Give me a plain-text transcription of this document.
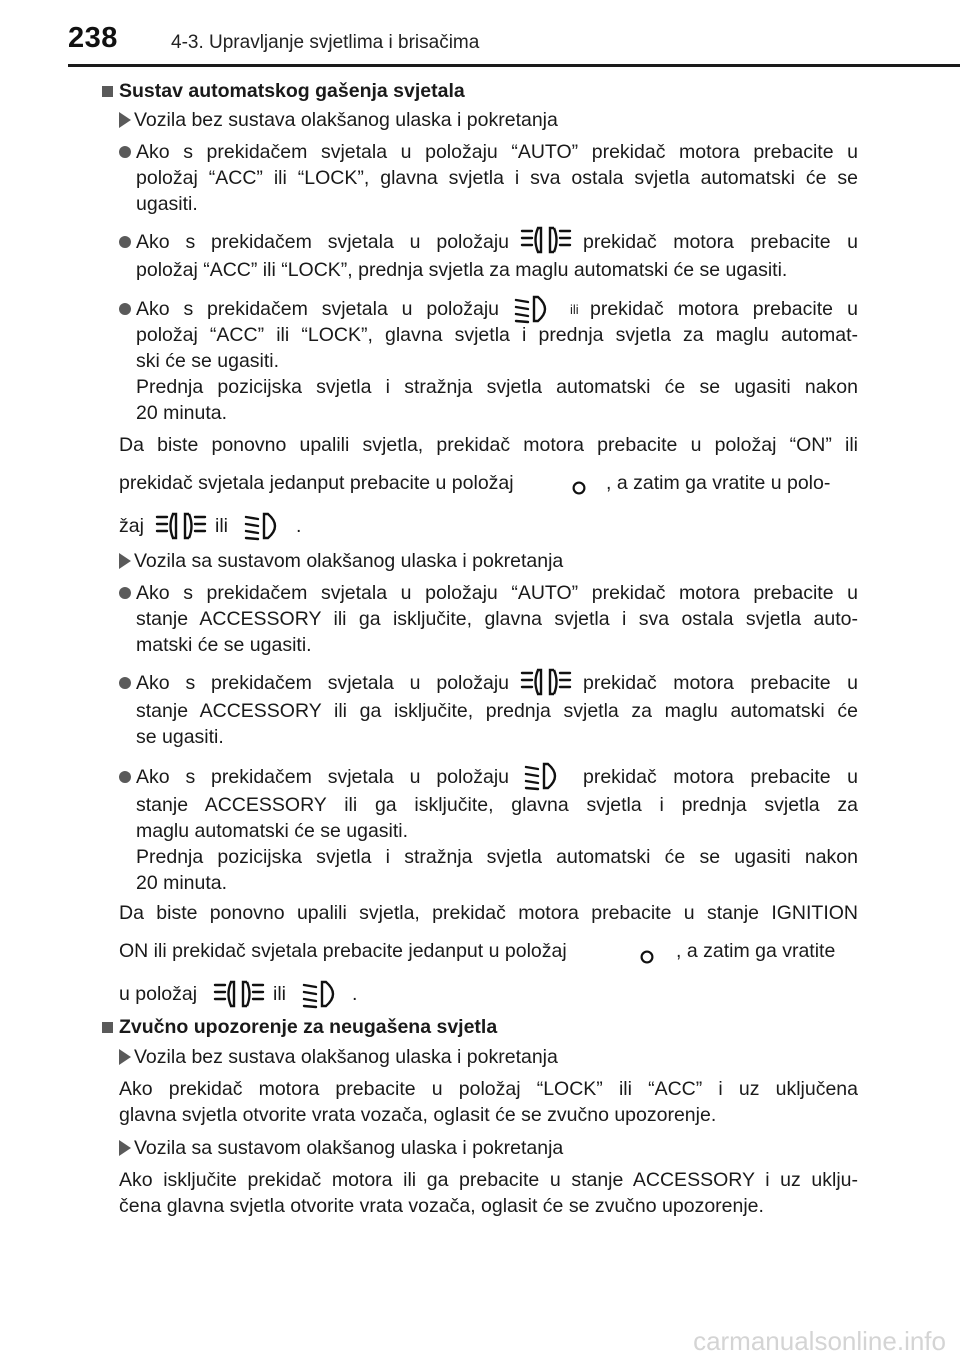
238	4-3. Upravljanje svjetlima i brisačima
Sustav automatskog gašenja svjetala
Vozila bez sustava olakšanog ulaska i pokretanja
Ako s prekidačem svjetala u položaju “AUTO” prekidač motora prebacite u
položaj “ACC” ili “LOCK”, glavna svjetla i sva ostala svjetla automatski će se
ugasiti.
Ako s prekidačem svjetala u položaju	prekidač motora prebacite u
položaj “ACC” ili “LOCK”, prednja svjetla za maglu automatski će se ugasiti.
Ako s prekidačem svjetala u položaju	ili prekidač motora prebacite u
položaj “ACC” ili “LOCK”, glavna svjetla i prednja svjetla za maglu automat-
ski će se ugasiti.
Prednja pozicijska svjetla i stražnja svjetla automatski će se ugasiti nakon
20 minuta.
Da biste ponovno upalili svjetla, prekidač motora prebacite u položaj “ON” ili
prekidač svjetala jedanput prebacite u položaj	, a zatim ga vratite u polo-
žaj	ili	.
Vozila sa sustavom olakšanog ulaska i pokretanja
Ako s prekidačem svjetala u položaju “AUTO” prekidač motora prebacite u
stanje ACCESSORY ili ga isključite, glavna svjetla i sva ostala svjetla auto-
matski će se ugasiti.
Ako s prekidačem svjetala u položaju	prekidač motora prebacite u
stanje ACCESSORY ili ga isključite, prednja svjetla za maglu automatski će
se ugasiti.
Ako s prekidačem svjetala u položaju	prekidač motora prebacite u
stanje ACCESSORY ili ga isključite, glavna svjetla i prednja svjetla za
maglu automatski će se ugasiti.
Prednja pozicijska svjetla i stražnja svjetla automatski će se ugasiti nakon
20 minuta.
Da biste ponovno upalili svjetla, prekidač motora prebacite u stanje IGNITION
ON ili prekidač svjetala prebacite jedanput u položaj	, a zatim ga vratite
u položaj	ili	.
Zvučno upozorenje za neugašena svjetla
Vozila bez sustava olakšanog ulaska i pokretanja
Ako prekidač motora prebacite u položaj “LOCK” ili “ACC” i uz uključena
glavna svjetla otvorite vrata vozača, oglasit će se zvučno upozorenje.
Vozila sa sustavom olakšanog ulaska i pokretanja
Ako isključite prekidač motora ili ga prebacite u stanje ACCESSORY i uz uklju-
čena glavna svjetla otvorite vrata vozača, oglasit će se zvučno upozorenje.
carmanualsonline.info
